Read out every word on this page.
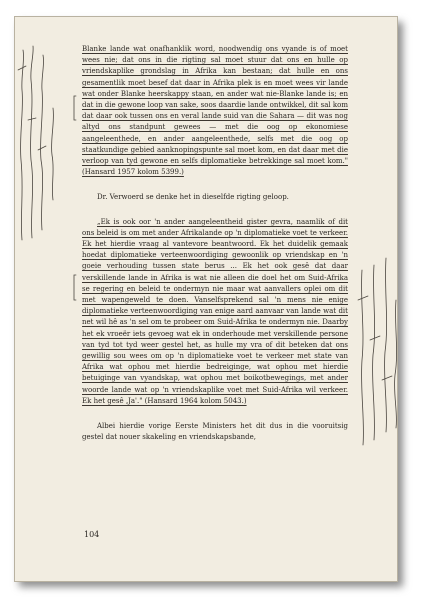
Blanke lande wat onafhanklik word, noodwendig ons vyande is of moet wees nie; dat ons in die rigting sal moet stuur dat ons en hulle op vriendskaplike grondslag in Afrika kan bestaan; dat hulle en ons gesamentlik moet besef dat daar in Afrika plek is en moet wees vir lande wat onder Blanke heerskappy staan, en ander wat nie-Blanke lande is; en dat in die gewone loop van sake, soos daardie lande ontwikkel, dit sal kom dat daar ook tussen ons en veral lande suid van die Sahara — dit was nog altyd ons standpunt gewees — met die oog op ekonomiese aangeleenthede, en ander aangeleenthede, selfs met die oog op staatkundige gebied aanknopingspunte sal moet kom, en dat daar met die verloop van tyd gewone en selfs diplomatieke betrekkinge sal moet kom." (Hansard 1957 kolom 5399.)

Dr. Verwoerd se denke het in dieselfde rigting geloop.

„Ek is ook oor 'n ander aangeleentheid gister gevra, naamlik of dit ons beleid is om met ander Afrikalande op 'n diplomatieke voet te verkeer. Ek het hierdie vraag al vantevore beantwoord. Ek het duidelik gemaak hoedat diplomatieke verteenwoordiging gewoonlik op vriendskap en 'n goeie verhouding tussen state berus ... Ek het ook gesê dat daar verskillende lande in Afrika is wat nie alleen die doel het om Suid-Afrika se regering en beleid te ondermyn nie maar wat aanvallers oplei om dit met wapengeweld te doen. Vanselfsprekend sal 'n mens nie enige diplomatieke verteenwoordiging van enige aard aanvaar van lande wat dit net wil hê as 'n sel om te probeer om Suid-Afrika te ondermyn nie. Daarby het ek vroeër iets gevoeg wat ek in onderhoude met verskillende persone van tyd tot tyd weer gestel het, as hulle my vra of dit beteken dat ons gewillig sou wees om op 'n diplomatieke voet te verkeer met state van Afrika wat ophou met hierdie bedreiginge, wat ophou met hierdie betuiginge van vyandskap, wat ophou met boikotbewegings, met ander woorde lande wat op 'n vriendskaplike voet met Suid-Afrika wil verkeer. Ek het gesê ‚Ja'." (Hansard 1964 kolom 5043.)

Albei hierdie vorige Eerste Ministers het dit dus in die vooruitsig gestel dat nouer skakeling en vriendskapsbande,

104
